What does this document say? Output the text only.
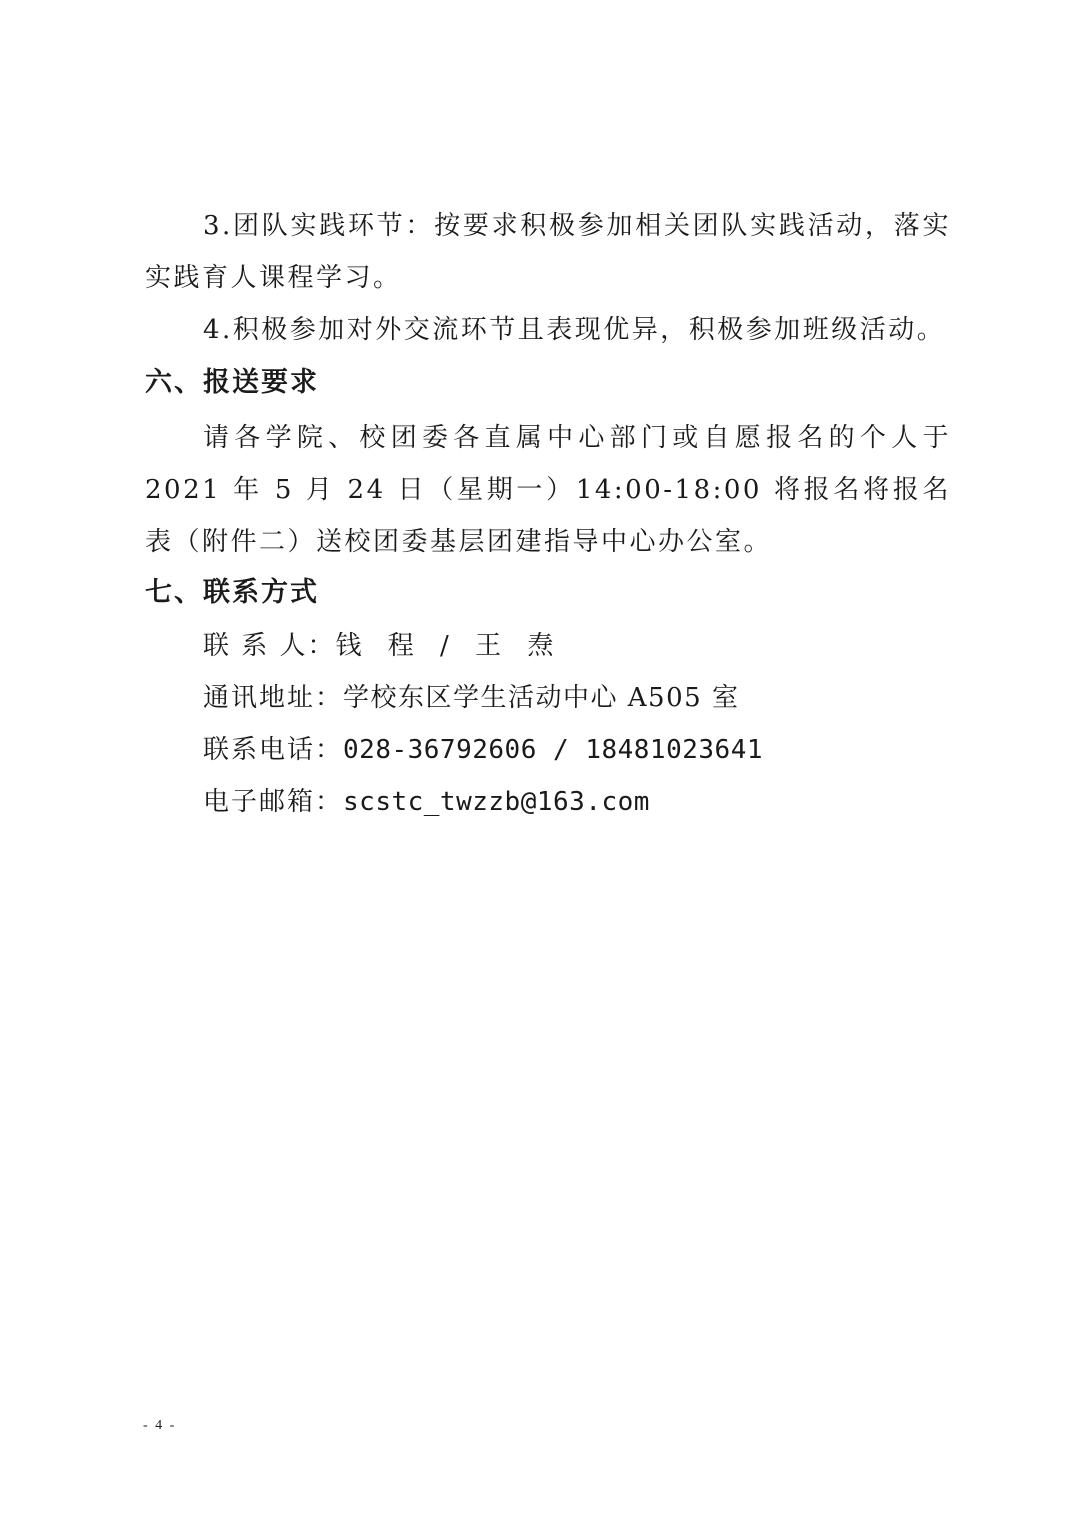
3.团队实践环节：按要求积极参加相关团队实践活动，落实实践育人课程学习。

4.积极参加对外交流环节且表现优异，积极参加班级活动。

六、报送要求

请各学院、校团委各直属中心部门或自愿报名的个人于 2021 年 5 月 24 日（星期一）14:00-18:00 将报名将报名表（附件二）送校团委基层团建指导中心办公室。

七、联系方式
联 系 人：钱 程 / 王 焘
通讯地址：学校东区学生活动中心 A505 室
联系电话：028-36792606 / 18481023641
电子邮箱：scstc_twzzb@163.com
- 4 -
